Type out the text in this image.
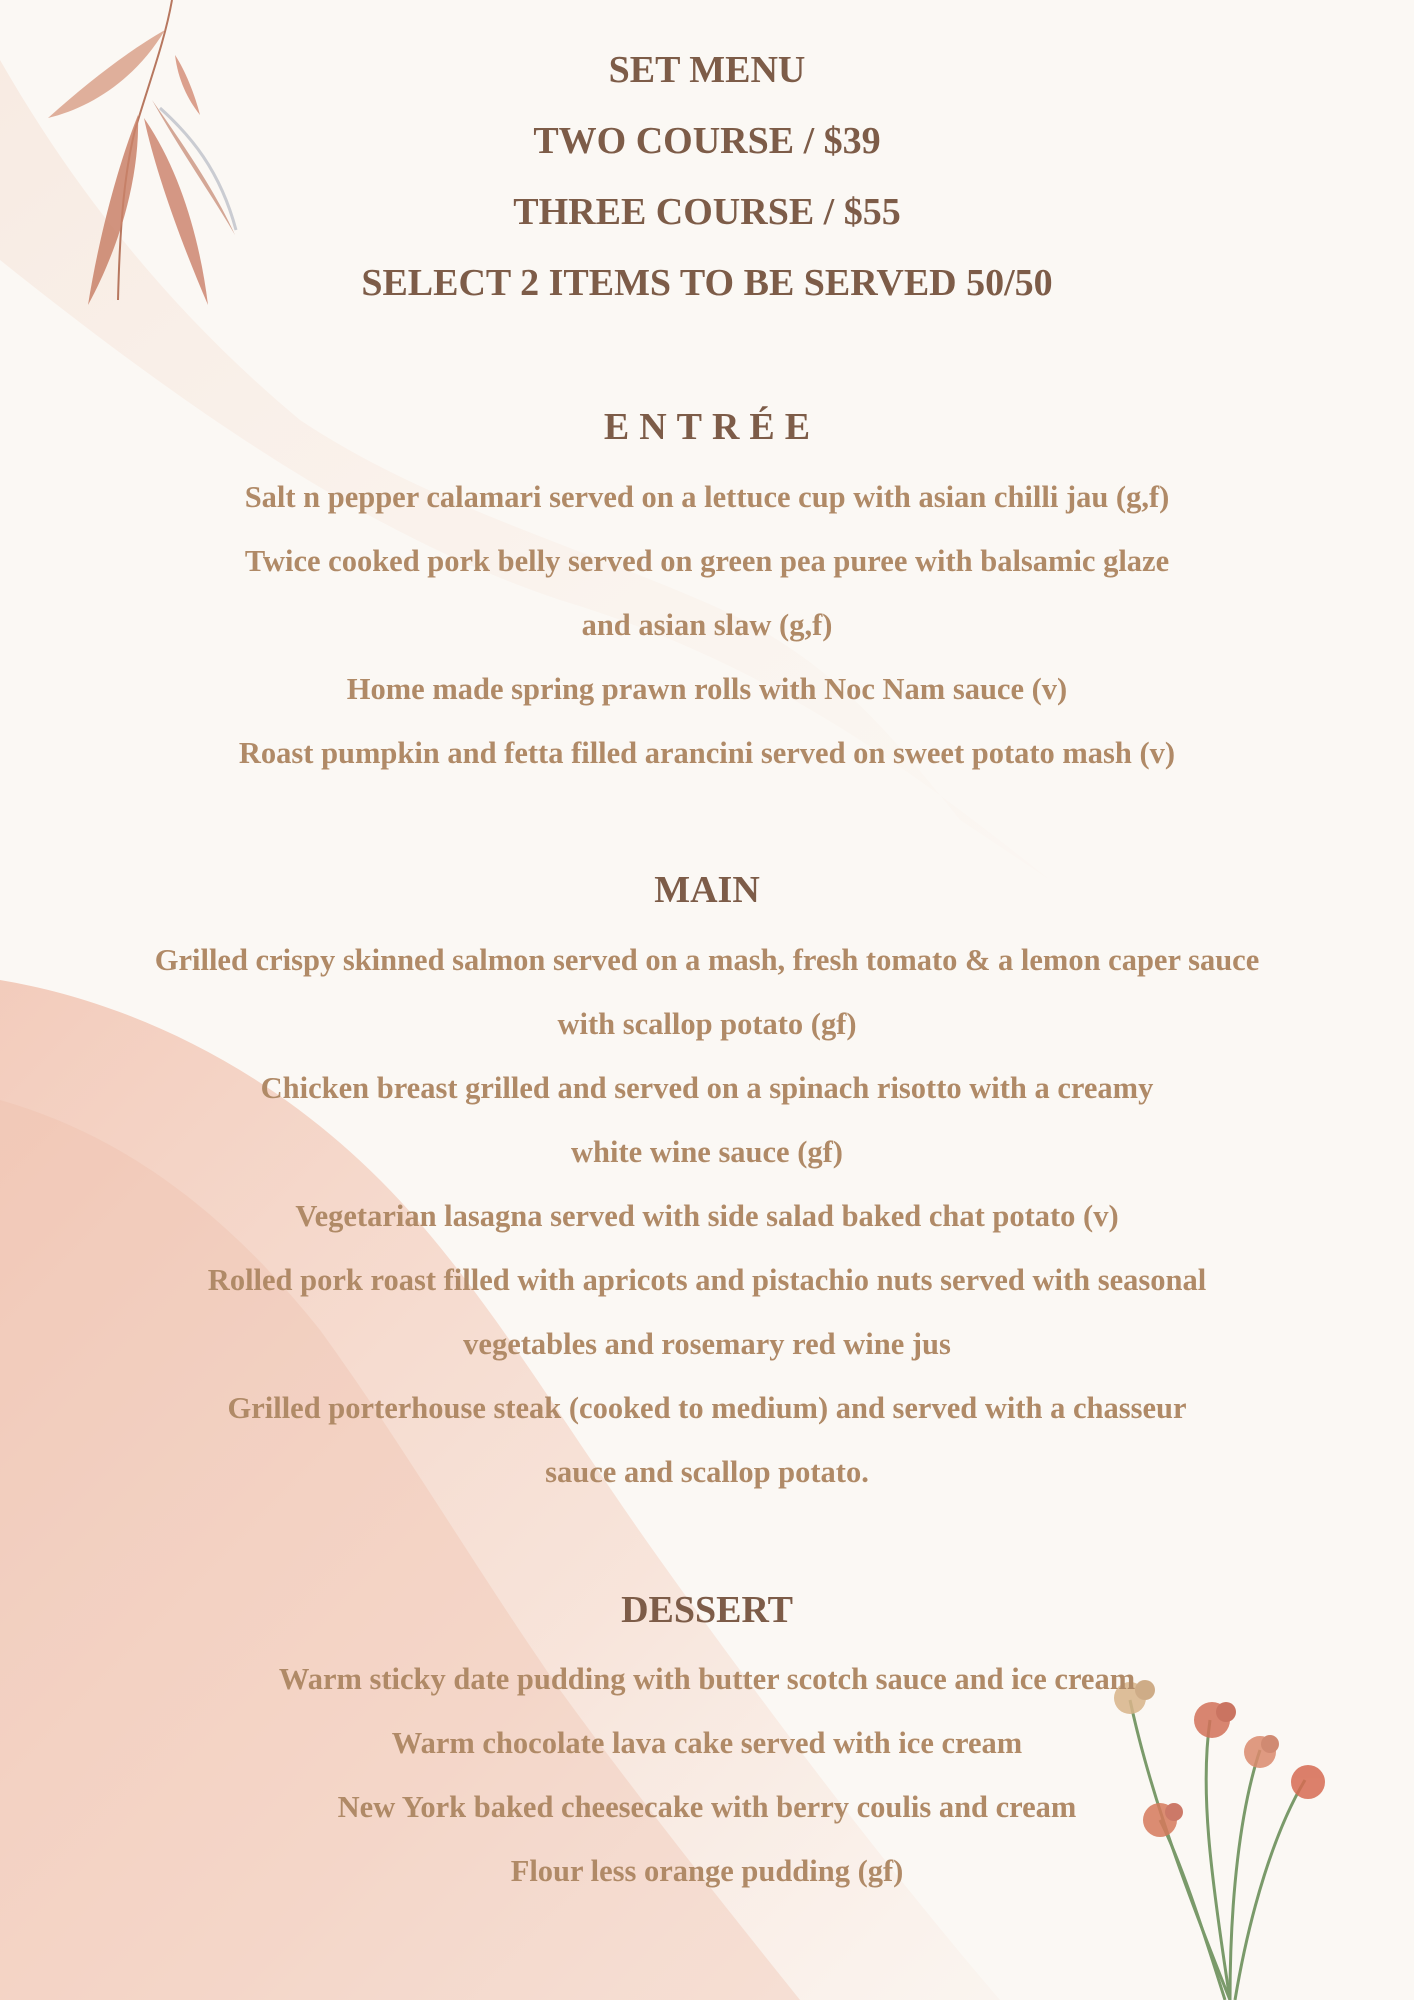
SET MENU
TWO COURSE / $39
THREE COURSE / $55
SELECT 2 ITEMS TO BE SERVED 50/50
ENTRÉE
Salt n pepper calamari served on a lettuce cup with asian chilli jau (g,f)
Twice cooked pork belly served on green pea puree with balsamic glaze
and asian slaw (g,f)
Home made spring prawn rolls with Noc Nam sauce (v)
Roast pumpkin and fetta filled arancini served on sweet potato mash (v)
MAIN
Grilled crispy skinned salmon served on a mash, fresh tomato & a lemon caper sauce
with scallop potato (gf)
Chicken breast grilled and served on a spinach risotto with a creamy
white wine sauce (gf)
Vegetarian lasagna served with side salad baked chat potato (v)
Rolled pork roast filled with apricots and pistachio nuts served with seasonal
vegetables and rosemary red wine jus
Grilled porterhouse steak (cooked to medium) and served with a chasseur
sauce and scallop potato.
DESSERT
Warm sticky date pudding with butter scotch sauce and ice cream
Warm chocolate lava cake served with ice cream
New York baked cheesecake with berry coulis and cream
Flour less orange pudding (gf)
